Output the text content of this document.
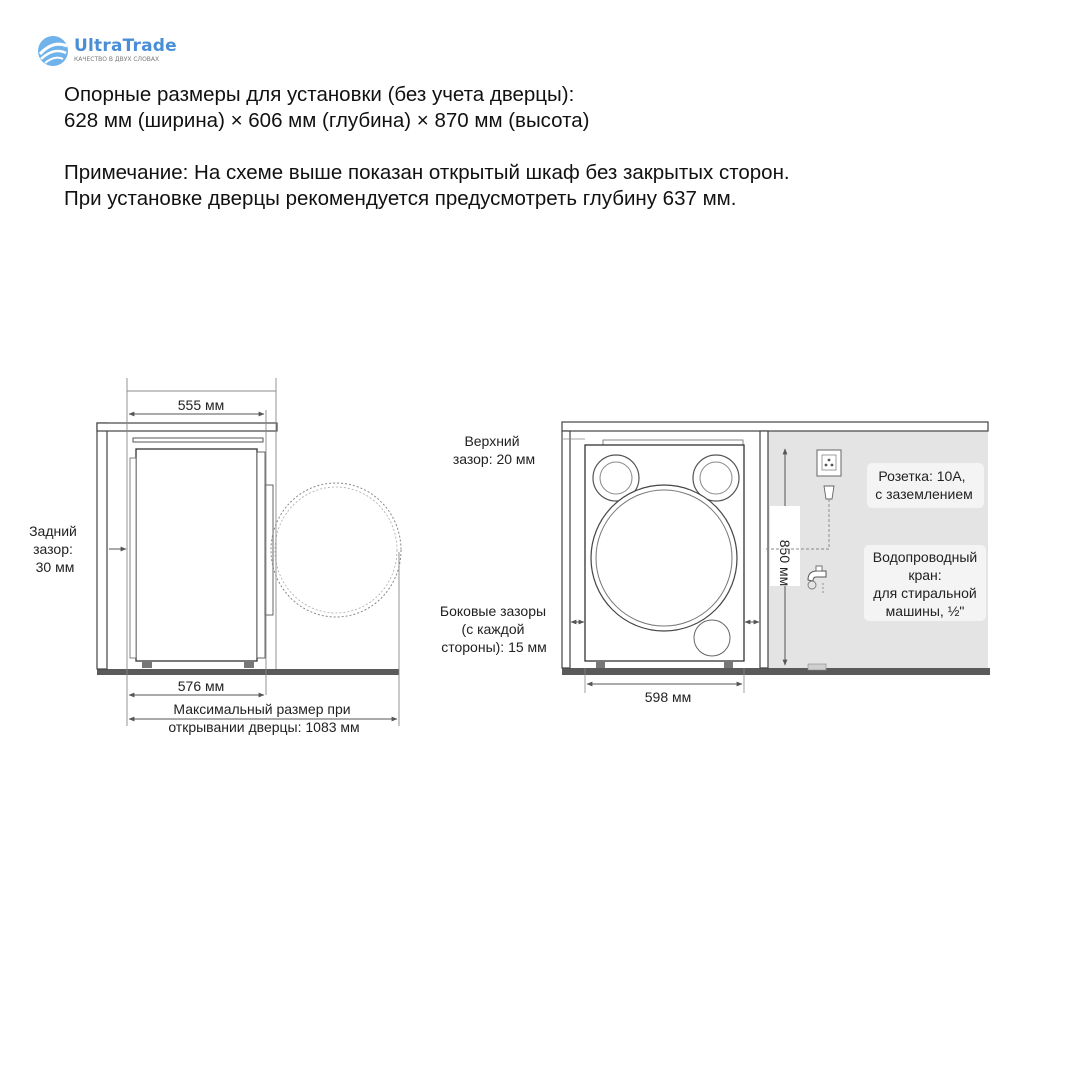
UltraTrade
КАЧЕСТВО В ДВУХ СЛОВАХ

Опорные размеры для установки (без учета дверцы):

628 мм (ширина) × 606 мм (глубина) × 870 мм (высота)

Примечание: На схеме выше показан открытый шкаф без закрытых сторон.

При установке дверцы рекомендуется предусмотреть глубину 637 мм.

555 мм
Задний
зазор:
30 мм
576 мм
Максимальный размер при
открывании дверцы: 1083 мм
Верхний
зазор: 20 мм
Боковые зазоры
(с каждой
стороны): 15 мм
598 мм
850 мм
Розетка: 10А,
с заземлением
Водопроводный
кран:
для стиральной
машины, ½"
